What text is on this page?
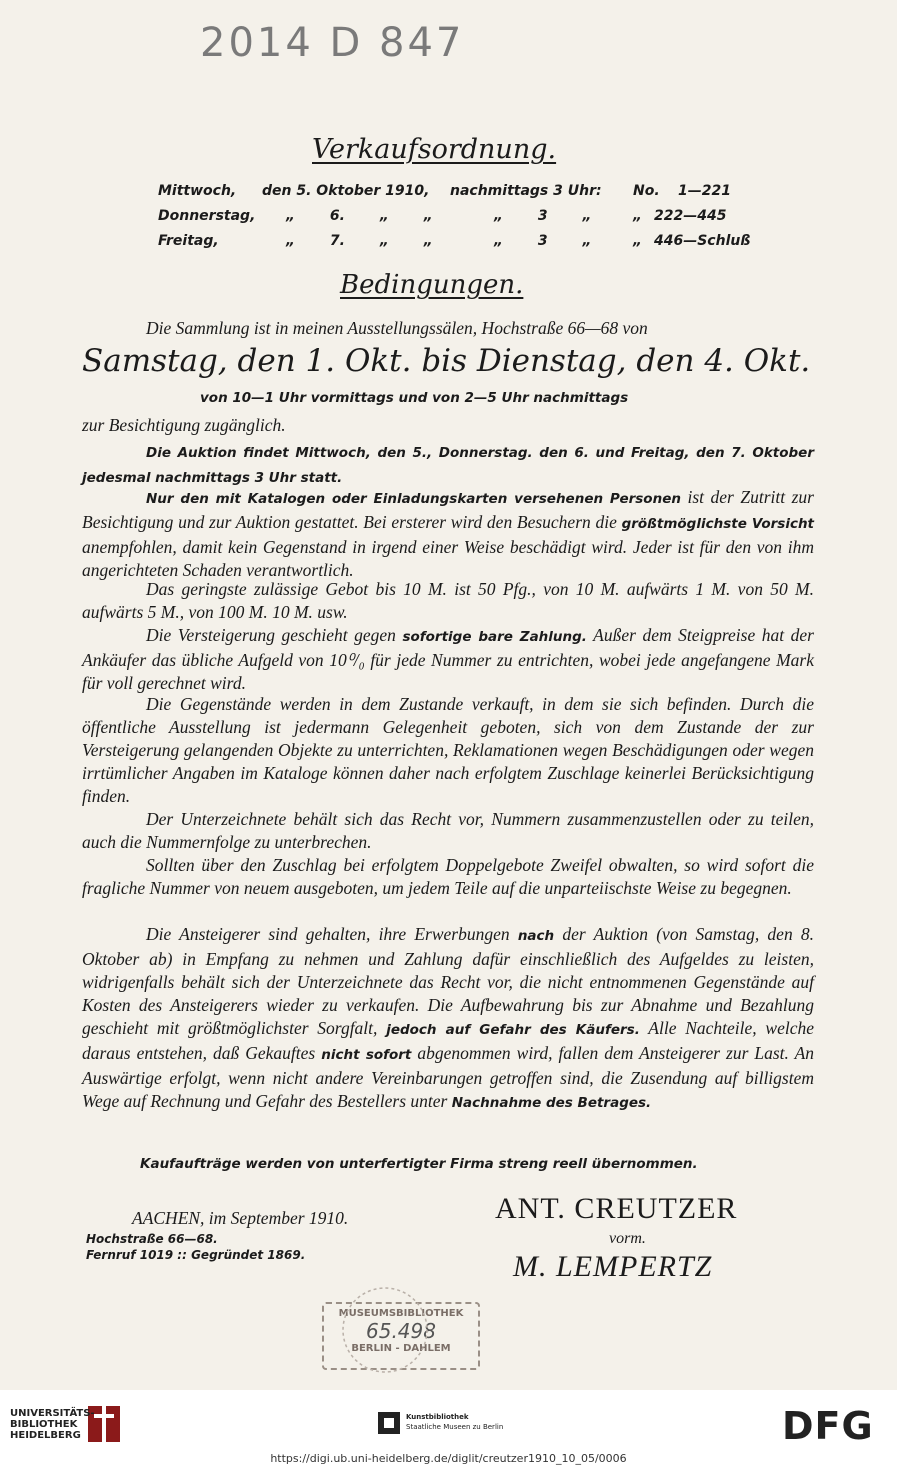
2014 D 847
Verkaufsordnung.
Mittwoch, den 5. Oktober 1910, nachmittags 3 Uhr: No. 1—221
Donnerstag, „ 6. „ „	„ 3 „	„ 222—445
Freitag,	„ 7. „ „	„ 3 „	„ 446—Schluß
Bedingungen.
Die Sammlung ist in meinen Ausstellungssälen, Hochstraße 66—68 von
Samstag, den 1. Okt. bis Dienstag, den 4. Okt.
von 10—1 Uhr vormittags und von 2—5 Uhr nachmittags
zur Besichtigung zugänglich.
Die Auktion findet Mittwoch, den 5., Donnerstag. den 6. und Freitag, den 7. Oktober jedesmal nachmittags 3 Uhr statt.
Nur den mit Katalogen oder Einladungskarten versehenen Personen ist der Zutritt zur Besichtigung und zur Auktion gestattet. Bei ersterer wird den Besuchern die größtmöglichste Vorsicht anempfohlen, damit kein Gegenstand in irgend einer Weise beschädigt wird. Jeder ist für den von ihm angerichteten Schaden verantwortlich.
Das geringste zulässige Gebot bis 10 M. ist 50 Pfg., von 10 M. aufwärts 1 M. von 50 M. aufwärts 5 M., von 100 M. 10 M. usw.
Die Versteigerung geschieht gegen sofortige bare Zahlung. Außer dem Steigpreise hat der Ankäufer das übliche Aufgeld von 10⁰/₀ für jede Nummer zu entrichten, wobei jede angefangene Mark für voll gerechnet wird.
Die Gegenstände werden in dem Zustande verkauft, in dem sie sich befinden. Durch die öffentliche Ausstellung ist jedermann Gelegenheit geboten, sich von dem Zustande der zur Versteigerung gelangenden Objekte zu unterrichten, Reklamationen wegen Beschädigungen oder wegen irrtümlicher Angaben im Kataloge können daher nach erfolgtem Zuschlage keinerlei Berücksichtigung finden.
Der Unterzeichnete behält sich das Recht vor, Nummern zusammenzustellen oder zu teilen, auch die Nummernfolge zu unterbrechen.
Sollten über den Zuschlag bei erfolgtem Doppelgebote Zweifel obwalten, so wird sofort die fragliche Nummer von neuem ausgeboten, um jedem Teile auf die unparteiischste Weise zu begegnen.
Die Ansteigerer sind gehalten, ihre Erwerbungen nach der Auktion (von Samstag, den 8. Oktober ab) in Empfang zu nehmen und Zahlung dafür einschließlich des Aufgeldes zu leisten, widrigenfalls behält sich der Unterzeichnete das Recht vor, die nicht entnommenen Gegenstände auf Kosten des Ansteigerers wieder zu verkaufen. Die Aufbewahrung bis zur Abnahme und Bezahlung geschieht mit größtmöglichster Sorgfalt, jedoch auf Gefahr des Käufers. Alle Nachteile, welche daraus entstehen, daß Gekauftes nicht sofort abgenommen wird, fallen dem Ansteigerer zur Last. An Auswärtige erfolgt, wenn nicht andere Vereinbarungen getroffen sind, die Zusendung auf billigstem Wege auf Rechnung und Gefahr des Bestellers unter Nachnahme des Betrages.
Kaufaufträge werden von unterfertigter Firma streng reell übernommen.
AACHEN, im September 1910.
Hochstraße 66—68.
Fernruf 1019 :: Gegründet 1869.
ANT. CREUTZER
vorm.
M. LEMPERTZ
MUSEUMSBIBLIOTHEK
65.498
BERLIN - DAHLEM
UNIVERSITÄTS-
BIBLIOTHEK
HEIDELBERG
Kunstbibliothek
Staatliche Museen zu Berlin	DFG
https://digi.ub.uni-heidelberg.de/diglit/creutzer1910_10_05/0006
